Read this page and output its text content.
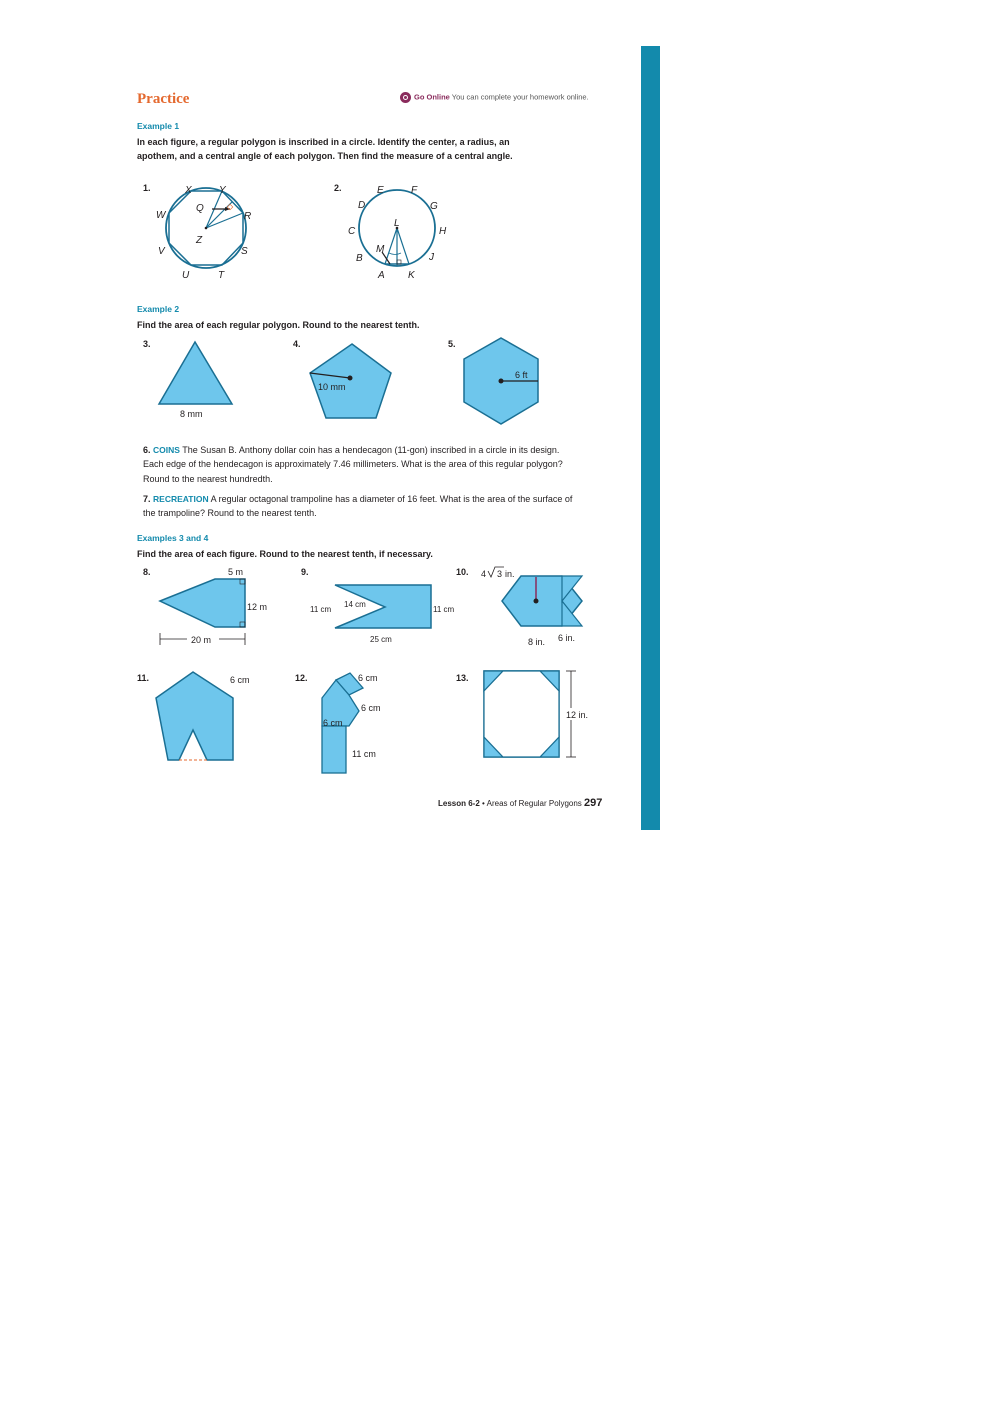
Practice	Go Online You can complete your homework online.
Example 1
In each figure, a regular polygon is inscribed in a circle. Identify the center, a radius, an apothem, and a central angle of each polygon. Then find the measure of a central angle.
1.	X	Y
Q
W	R
Z
V	S
U	T
2.	E	F
D	G
L
C	H
M
B	J
A K
Example 2
Find the area of each regular polygon. Round to the nearest tenth.
3.
8 mm
4.
10 mm
5.
6 ft
6. COINS The Susan B. Anthony dollar coin has a hendecagon (11-gon) inscribed in a circle in its design. Each edge of the hendecagon is approximately 7.46 millimeters. What is the area of this regular polygon? Round to the nearest hundredth.
7. RECREATION A regular octagonal trampoline has a diameter of 16 feet. What is the area of the surface of the trampoline? Round to the nearest tenth.
Examples 3 and 4
Find the area of each figure. Round to the nearest tenth, if necessary.
8.	5 m
12 m
20 m
9.
11 cm
14 cm
11 cm
25 cm
10. 4 3 in.
8 in. 6 in.
11.	6 cm	12.	6 cm
6 cm
6 cm
11 cm
13.
12 in.
Lesson 6-2 • Areas of Regular Polygons 297
